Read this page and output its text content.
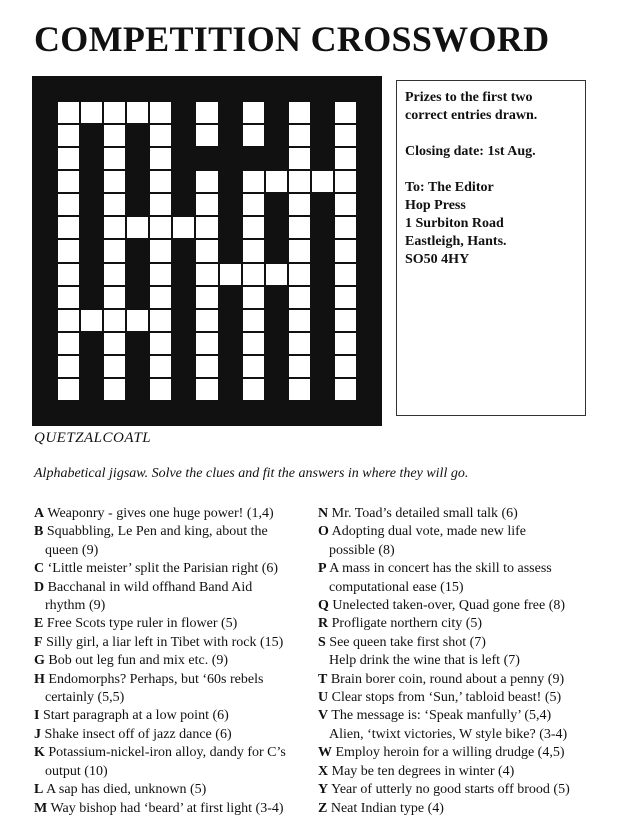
COMPETITION CROSSWORD

Prizes to the first two correct entries drawn.

Closing date: 1st Aug.

To: The Editor
Hop Press
1 Surbiton Road
Eastleigh, Hants.
SO50 4HY
QUETZALCOATL
Alphabetical jigsaw. Solve the clues and fit the answers in where they will go.
A Weaponry - gives one huge power! (1,4)
B Squabbling, Le Pen and king, about the
queen (9)
C ‘Little meister’ split the Parisian right (6)
D Bacchanal in wild offhand Band Aid
rhythm (9)
E Free Scots type ruler in flower (5)
F Silly girl, a liar left in Tibet with rock (15)
G Bob out leg fun and mix etc. (9)
H Endomorphs? Perhaps, but ‘60s rebels
certainly (5,5)
I Start paragraph at a low point (6)
J Shake insect off of jazz dance (6)
K Potassium-nickel-iron alloy, dandy for C’s
output (10)
L A sap has died, unknown (5)
M Way bishop had ‘beard’ at first light (3-4)
N Mr. Toad’s detailed small talk (6)
O Adopting dual vote, made new life
possible (8)
P A mass in concert has the skill to assess
computational ease (15)
Q Unelected taken-over, Quad gone free (8)
R Profligate northern city (5)
S See queen take first shot (7)
Help drink the wine that is left (7)
T Brain borer coin, round about a penny (9)
U Clear stops from ‘Sun,’ tabloid beast! (5)
V The message is: ‘Speak manfully’ (5,4)
Alien, ‘twixt victories, W style bike? (3-4)
W Employ heroin for a willing drudge (4,5)
X May be ten degrees in winter (4)
Y Year of utterly no good starts off brood (5)
Z Neat Indian type (4)
